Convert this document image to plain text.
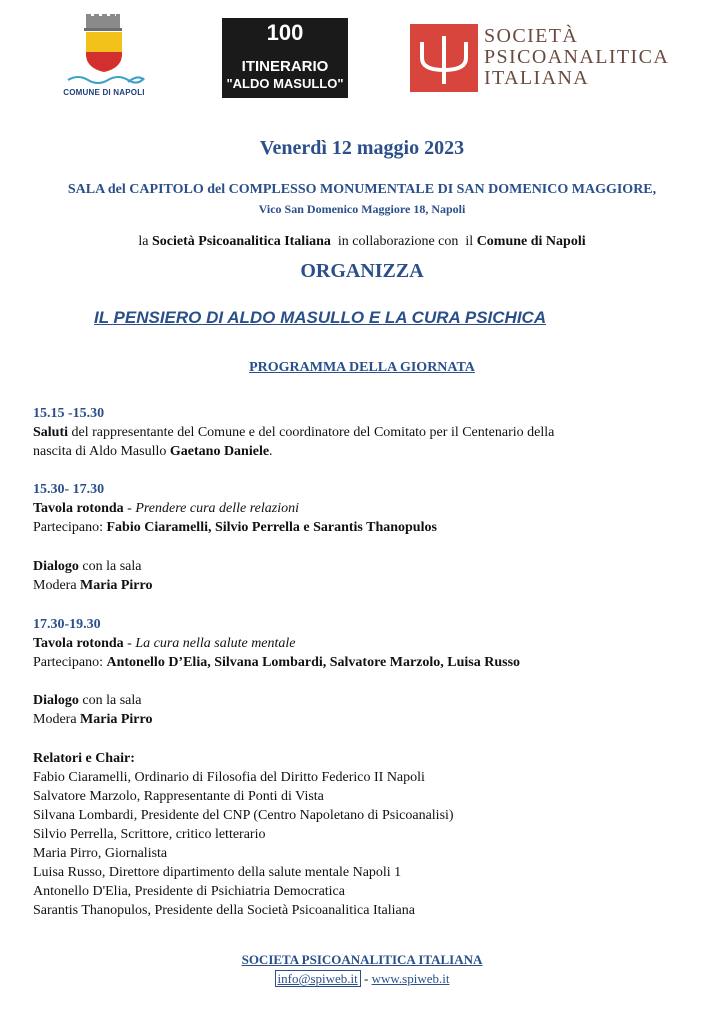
COMUNE DI NAPOLI
100
ITINERARIO
"ALDO MASULLO"
SOCIETÀ
PSICOANALITICA
ITALIANA
Venerdì 12 maggio 2023
SALA del CAPITOLO del COMPLESSO MONUMENTALE DI SAN DOMENICO MAGGIORE,
Vico San Domenico Maggiore 18, Napoli
la Società Psicoanalitica Italiana  in collaborazione con  il Comune di Napoli
ORGANIZZA
IL PENSIERO DI ALDO MASULLO E LA CURA PSICHICA
PROGRAMMA DELLA GIORNATA
15.15 -15.30
Saluti del rappresentante del Comune e del coordinatore del Comitato per il Centenario della
nascita di Aldo Masullo Gaetano Daniele.
15.30- 17.30
Tavola rotonda - Prendere cura delle relazioni
Partecipano: Fabio Ciaramelli, Silvio Perrella e Sarantis Thanopulos
Dialogo con la sala
Modera Maria Pirro
17.30-19.30
Tavola rotonda - La cura nella salute mentale
Partecipano: Antonello D’Elia, Silvana Lombardi, Salvatore Marzolo, Luisa Russo
Dialogo con la sala
Modera Maria Pirro
Relatori e Chair:
Fabio Ciaramelli, Ordinario di Filosofia del Diritto Federico II Napoli
Salvatore Marzolo, Rappresentante di Ponti di Vista
Silvana Lombardi, Presidente del CNP (Centro Napoletano di Psicoanalisi)
Silvio Perrella, Scrittore, critico letterario
Maria Pirro, Giornalista
Luisa Russo, Direttore dipartimento della salute mentale Napoli 1
Antonello D'Elia, Presidente di Psichiatria Democratica
Sarantis Thanopulos, Presidente della Società Psicoanalitica Italiana
SOCIETA PSICOANALITICA ITALIANA
info@spiweb.it - www.spiweb.it
